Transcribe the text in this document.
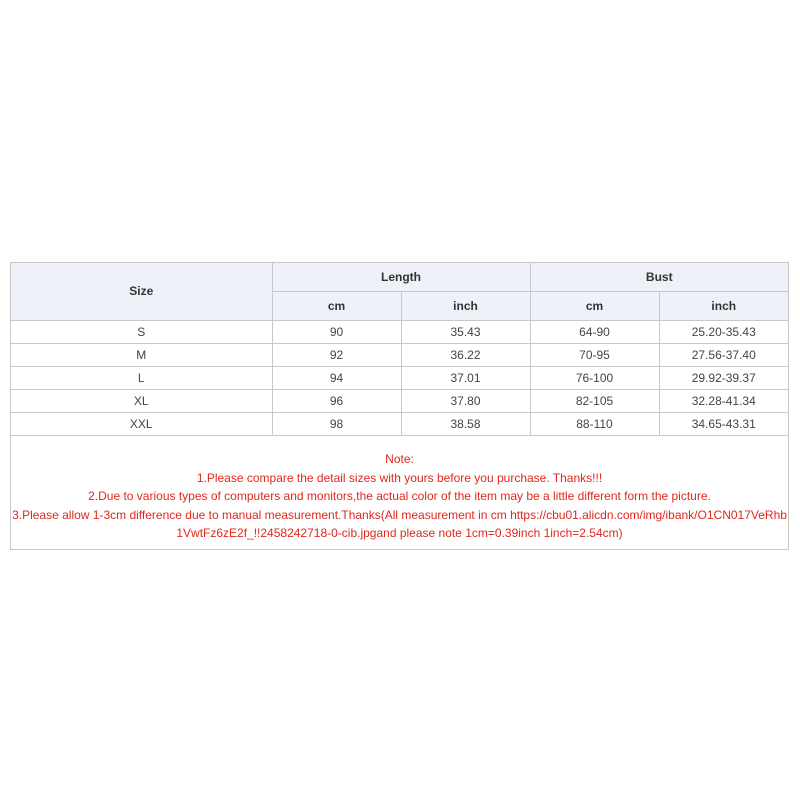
Size	Length		Bust	
	cm	inch	cm	inch
S	90	35.43	64-90	25.20-35.43
M	92	36.22	70-95	27.56-37.40
L	94	37.01	76-100	29.92-39.37
XL	96	37.80	82-105	32.28-41.34
XXL	98	38.58	88-110	34.65-43.31
Note:
1.Please compare the detail sizes with yours before you purchase. Thanks!!!
2.Due to various types of computers and monitors,the actual color of the item may be a little different form the picture.
3.Please allow 1-3cm difference due to manual measurement.Thanks(All measurement in cm https://cbu01.alicdn.com/img/ibank/O1CN017VeRhb1VwtFz6zE2f_!!2458242718-0-cib.jpgand please note 1cm=0.39inch 1inch=2.54cm)
